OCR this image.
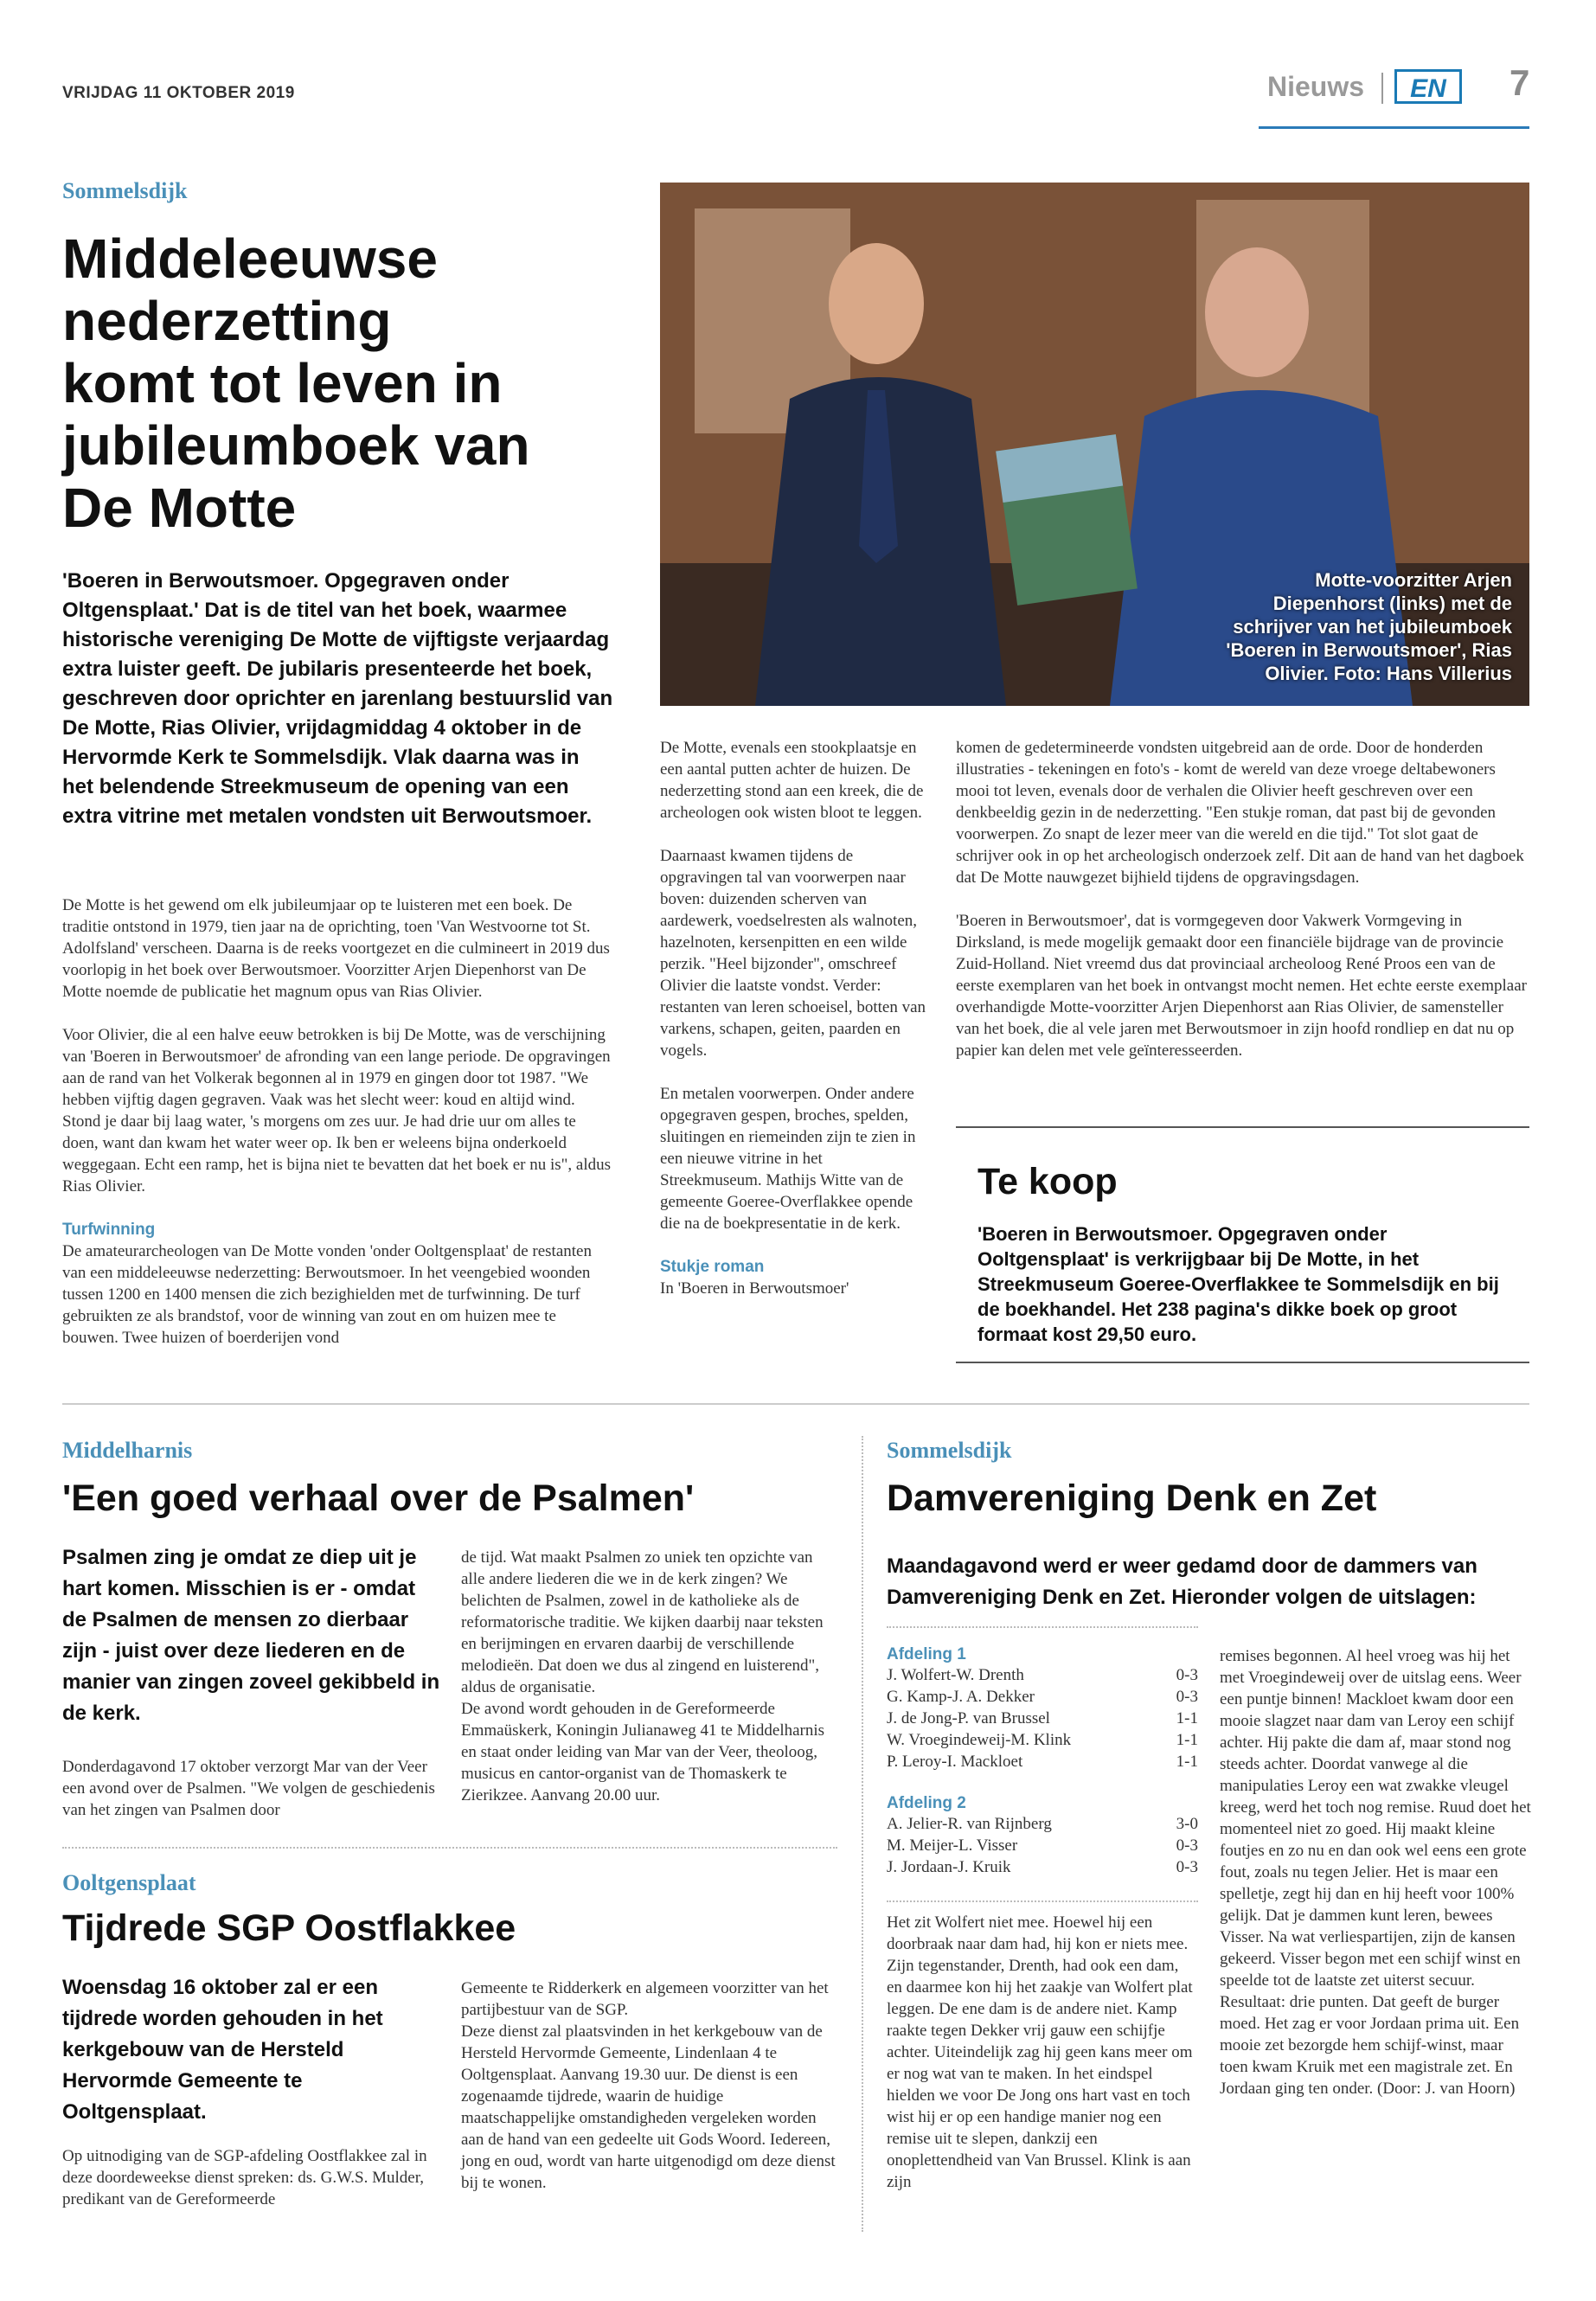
VRIJDAG 11 OKTOBER 2019	Nieuws	EN	7
Sommelsdijk
Middeleeuwse
nederzetting
komt tot leven in
jubileumboek van
De Motte
'Boeren in Berwoutsmoer. Opgegraven onder Oltgensplaat.' Dat is de titel van het boek, waarmee historische vereniging De Motte de vijftigste verjaardag extra luister geeft. De jubilaris presenteerde het boek, geschreven door oprichter en jarenlang bestuurslid van De Motte, Rias Olivier, vrijdagmiddag 4 oktober in de Hervormde Kerk te Sommelsdijk. Vlak daarna was in het belendende Streekmuseum de opening van een extra vitrine met metalen vondsten uit Berwoutsmoer.

De Motte is het gewend om elk jubileumjaar op te luisteren met een boek. De traditie ontstond in 1979, tien jaar na de oprichting, toen 'Van Westvoorne tot St. Adolfsland' verscheen. Daarna is de reeks voortgezet en die culmineert in 2019 dus voorlopig in het boek over Berwoutsmoer. Voorzitter Arjen Diepenhorst van De Motte noemde de publicatie het magnum opus van Rias Olivier.

Voor Olivier, die al een halve eeuw betrokken is bij De Motte, was de verschijning van 'Boeren in Berwoutsmoer' de afronding van een lange periode. De opgravingen aan de rand van het Volkerak begonnen al in 1979 en gingen door tot 1987. "We hebben vijftig dagen gegraven. Vaak was het slecht weer: koud en altijd wind. Stond je daar bij laag water, 's morgens om zes uur. Je had drie uur om alles te doen, want dan kwam het water weer op. Ik ben er weleens bijna onderkoeld weggegaan. Echt een ramp, het is bijna niet te bevatten dat het boek er nu is", aldus Rias Olivier.

Turfwinning

De amateurarcheologen van De Motte vonden 'onder Ooltgensplaat' de restanten van een middeleeuwse nederzetting: Berwoutsmoer. In het veengebied woonden tussen 1200 en 1400 mensen die zich bezighielden met de turfwinning. De turf gebruikten ze als brandstof, voor de winning van zout en om huizen mee te bouwen. Twee huizen of boerderijen vond

Motte-voorzitter Arjen Diepenhorst (links) met de schrijver van het jubileumboek 'Boeren in Berwoutsmoer', Rias Olivier. Foto: Hans Villerius

De Motte, evenals een stookplaatsje en een aantal putten achter de huizen. De nederzetting stond aan een kreek, die de archeologen ook wisten bloot te leggen.

Daarnaast kwamen tijdens de opgravingen tal van voorwerpen naar boven: duizenden scherven van aardewerk, voedselresten als walnoten, hazelnoten, kersenpitten en een wilde perzik. "Heel bijzonder", omschreef Olivier die laatste vondst. Verder: restanten van leren schoeisel, botten van varkens, schapen, geiten, paarden en vogels.

En metalen voorwerpen. Onder andere opgegraven gespen, broches, spelden, sluitingen en riemeinden zijn te zien in een nieuwe vitrine in het Streekmuseum. Mathijs Witte van de gemeente Goeree-Overflakkee opende die na de boekpresentatie in de kerk.

Stukje roman

In 'Boeren in Berwoutsmoer'

komen de gedetermineerde vondsten uitgebreid aan de orde. Door de honderden illustraties - tekeningen en foto's - komt de wereld van deze vroege deltabewoners mooi tot leven, evenals door de verhalen die Olivier heeft geschreven over een denkbeeldig gezin in de nederzetting. "Een stukje roman, dat past bij de gevonden voorwerpen. Zo snapt de lezer meer van die wereld en die tijd." Tot slot gaat de schrijver ook in op het archeologisch onderzoek zelf. Dit aan de hand van het dagboek dat De Motte nauwgezet bijhield tijdens de opgravingsdagen.

'Boeren in Berwoutsmoer', dat is vormgegeven door Vakwerk Vormgeving in Dirksland, is mede mogelijk gemaakt door een financiële bijdrage van de provincie Zuid-Holland. Niet vreemd dus dat provinciaal archeoloog René Proos een van de eerste exemplaren van het boek in ontvangst mocht nemen. Het echte eerste exemplaar overhandigde Motte-voorzitter Arjen Diepenhorst aan Rias Olivier, de samensteller van het boek, die al vele jaren met Berwoutsmoer in zijn hoofd rondliep en dat nu op papier kan delen met vele geïnteresseerden.

Te koop
'Boeren in Berwoutsmoer. Opgegraven onder Ooltgensplaat' is verkrijgbaar bij De Motte, in het Streekmuseum Goeree-Overflakkee te Sommelsdijk en bij de boekhandel. Het 238 pagina's dikke boek op groot formaat kost 29,50 euro.
Middelharnis
'Een goed verhaal over de Psalmen'
Psalmen zing je omdat ze diep uit je hart komen. Misschien is er - omdat de Psalmen de mensen zo dierbaar zijn - juist over deze liederen en de manier van zingen zoveel gekibbeld in de kerk.
Donderdagavond 17 oktober verzorgt Mar van der Veer een avond over de Psalmen. "We volgen de geschiedenis van het zingen van Psalmen door
de tijd. Wat maakt Psalmen zo uniek ten opzichte van alle andere liederen die we in de kerk zingen? We belichten de Psalmen, zowel in de katholieke als de reformatorische traditie. We kijken daarbij naar teksten en berijmingen en ervaren daarbij de verschillende melodieën. Dat doen we dus al zingend en luisterend", aldus de organisatie.
De avond wordt gehouden in de Gereformeerde Emmaüskerk, Koningin Julianaweg 41 te Middelharnis en staat onder leiding van Mar van der Veer, theoloog, musicus en cantor-organist van de Thomaskerk te Zierikzee. Aanvang 20.00 uur.
Ooltgensplaat
Tijdrede SGP Oostflakkee
Woensdag 16 oktober zal er een tijdrede worden gehouden in het kerkgebouw van de Hersteld Hervormde Gemeente te Ooltgensplaat.
Op uitnodiging van de SGP-afdeling Oostflakkee zal in deze doordeweekse dienst spreken: ds. G.W.S. Mulder, predikant van de Gereformeerde
Gemeente te Ridderkerk en algemeen voorzitter van het partijbestuur van de SGP.
Deze dienst zal plaatsvinden in het kerkgebouw van de Hersteld Hervormde Gemeente, Lindenlaan 4 te Ooltgensplaat. Aanvang 19.30 uur. De dienst is een zogenaamde tijdrede, waarin de huidige maatschappelijke omstandigheden vergeleken worden aan de hand van een gedeelte uit Gods Woord. Iedereen, jong en oud, wordt van harte uitgenodigd om deze dienst bij te wonen.
Sommelsdijk
Damvereniging Denk en Zet
Maandagavond werd er weer gedamd door de dammers van Damvereniging Denk en Zet. Hieronder volgen de uitslagen:
Afdeling 1
J. Wolfert-W. Drenth	0-3
G. Kamp-J. A. Dekker	0-3
J. de Jong-P. van Brussel	1-1
W. Vroegindeweij-M. Klink	1-1
P. Leroy-I. Mackloet	1-1
Afdeling 2
A. Jelier-R. van Rijnberg	3-0
M. Meijer-L. Visser	0-3
J. Jordaan-J. Kruik	0-3
Het zit Wolfert niet mee. Hoewel hij een doorbraak naar dam had, hij kon er niets mee. Zijn tegenstander, Drenth, had ook een dam, en daarmee kon hij het zaakje van Wolfert plat leggen. De ene dam is de andere niet. Kamp raakte tegen Dekker vrij gauw een schijfje achter. Uiteindelijk zag hij geen kans meer om er nog wat van te maken. In het eindspel hielden we voor De Jong ons hart vast en toch wist hij er op een handige manier nog een remise uit te slepen, dankzij een onoplettendheid van Van Brussel. Klink is aan zijn
remises begonnen. Al heel vroeg was hij het met Vroegindeweij over de uitslag eens. Weer een puntje binnen! Mackloet kwam door een mooie slagzet naar dam van Leroy een schijf achter. Hij pakte die dam af, maar stond nog steeds achter. Doordat vanwege al die manipulaties Leroy een wat zwakke vleugel kreeg, werd het toch nog remise. Ruud doet het momenteel niet zo goed. Hij maakt kleine foutjes en zo nu en dan ook wel eens een grote fout, zoals nu tegen Jelier. Het is maar een spelletje, zegt hij dan en hij heeft voor 100% gelijk. Dat je dammen kunt leren, bewees Visser. Na wat verliespartijen, zijn de kansen gekeerd. Visser begon met een schijf winst en speelde tot de laatste zet uiterst secuur. Resultaat: drie punten. Dat geeft de burger moed. Het zag er voor Jordaan prima uit. Een mooie zet bezorgde hem schijf-winst, maar toen kwam Kruik met een magistrale zet. En Jordaan ging ten onder. (Door: J. van Hoorn)
